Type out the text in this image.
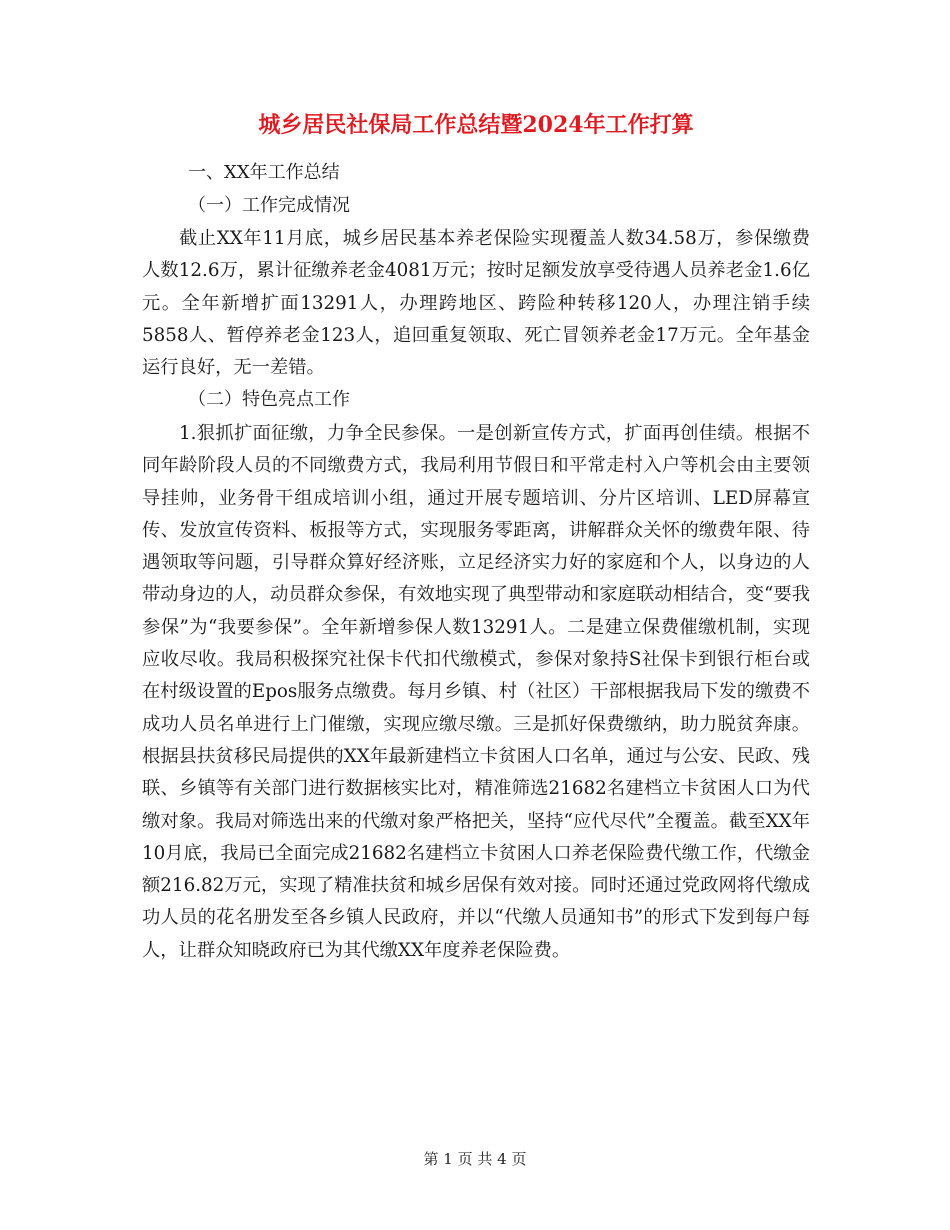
城乡居民社保局工作总结暨2024年工作打算
一、XX年工作总结
（一）工作完成情况

截止XX年11月底，城乡居民基本养老保险实现覆盖人数34.58万，参保缴费人数12.6万，累计征缴养老金4081万元；按时足额发放享受待遇人员养老金1.6亿元。全年新增扩面13291人，办理跨地区、跨险种转移120人，办理注销手续5858人、暂停养老金123人，追回重复领取、死亡冒领养老金17万元。全年基金运行良好，无一差错。

（二）特色亮点工作

1.狠抓扩面征缴，力争全民参保。一是创新宣传方式，扩面再创佳绩。根据不同年龄阶段人员的不同缴费方式，我局利用节假日和平常走村入户等机会由主要领导挂帅，业务骨干组成培训小组，通过开展专题培训、分片区培训、LED屏幕宣传、发放宣传资料、板报等方式，实现服务零距离，讲解群众关怀的缴费年限、待遇领取等问题，引导群众算好经济账，立足经济实力好的家庭和个人，以身边的人带动身边的人，动员群众参保，有效地实现了典型带动和家庭联动相结合，变“要我参保”为“我要参保”。全年新增参保人数13291人。二是建立保费催缴机制，实现应收尽收。我局积极探究社保卡代扣代缴模式，参保对象持S社保卡到银行柜台或在村级设置的Epos服务点缴费。每月乡镇、村（社区）干部根据我局下发的缴费不成功人员名单进行上门催缴，实现应缴尽缴。三是抓好保费缴纳，助力脱贫奔康。根据县扶贫移民局提供的XX年最新建档立卡贫困人口名单，通过与公安、民政、残联、乡镇等有关部门进行数据核实比对，精准筛选21682名建档立卡贫困人口为代缴对象。我局对筛选出来的代缴对象严格把关，坚持“应代尽代”全覆盖。截至XX年10月底，我局已全面完成21682名建档立卡贫困人口养老保险费代缴工作，代缴金额216.82万元，实现了精准扶贫和城乡居保有效对接。同时还通过党政网将代缴成功人员的花名册发至各乡镇人民政府，并以“代缴人员通知书”的形式下发到每户每人，让群众知晓政府已为其代缴XX年度养老保险费。

第 1 页 共 4 页
